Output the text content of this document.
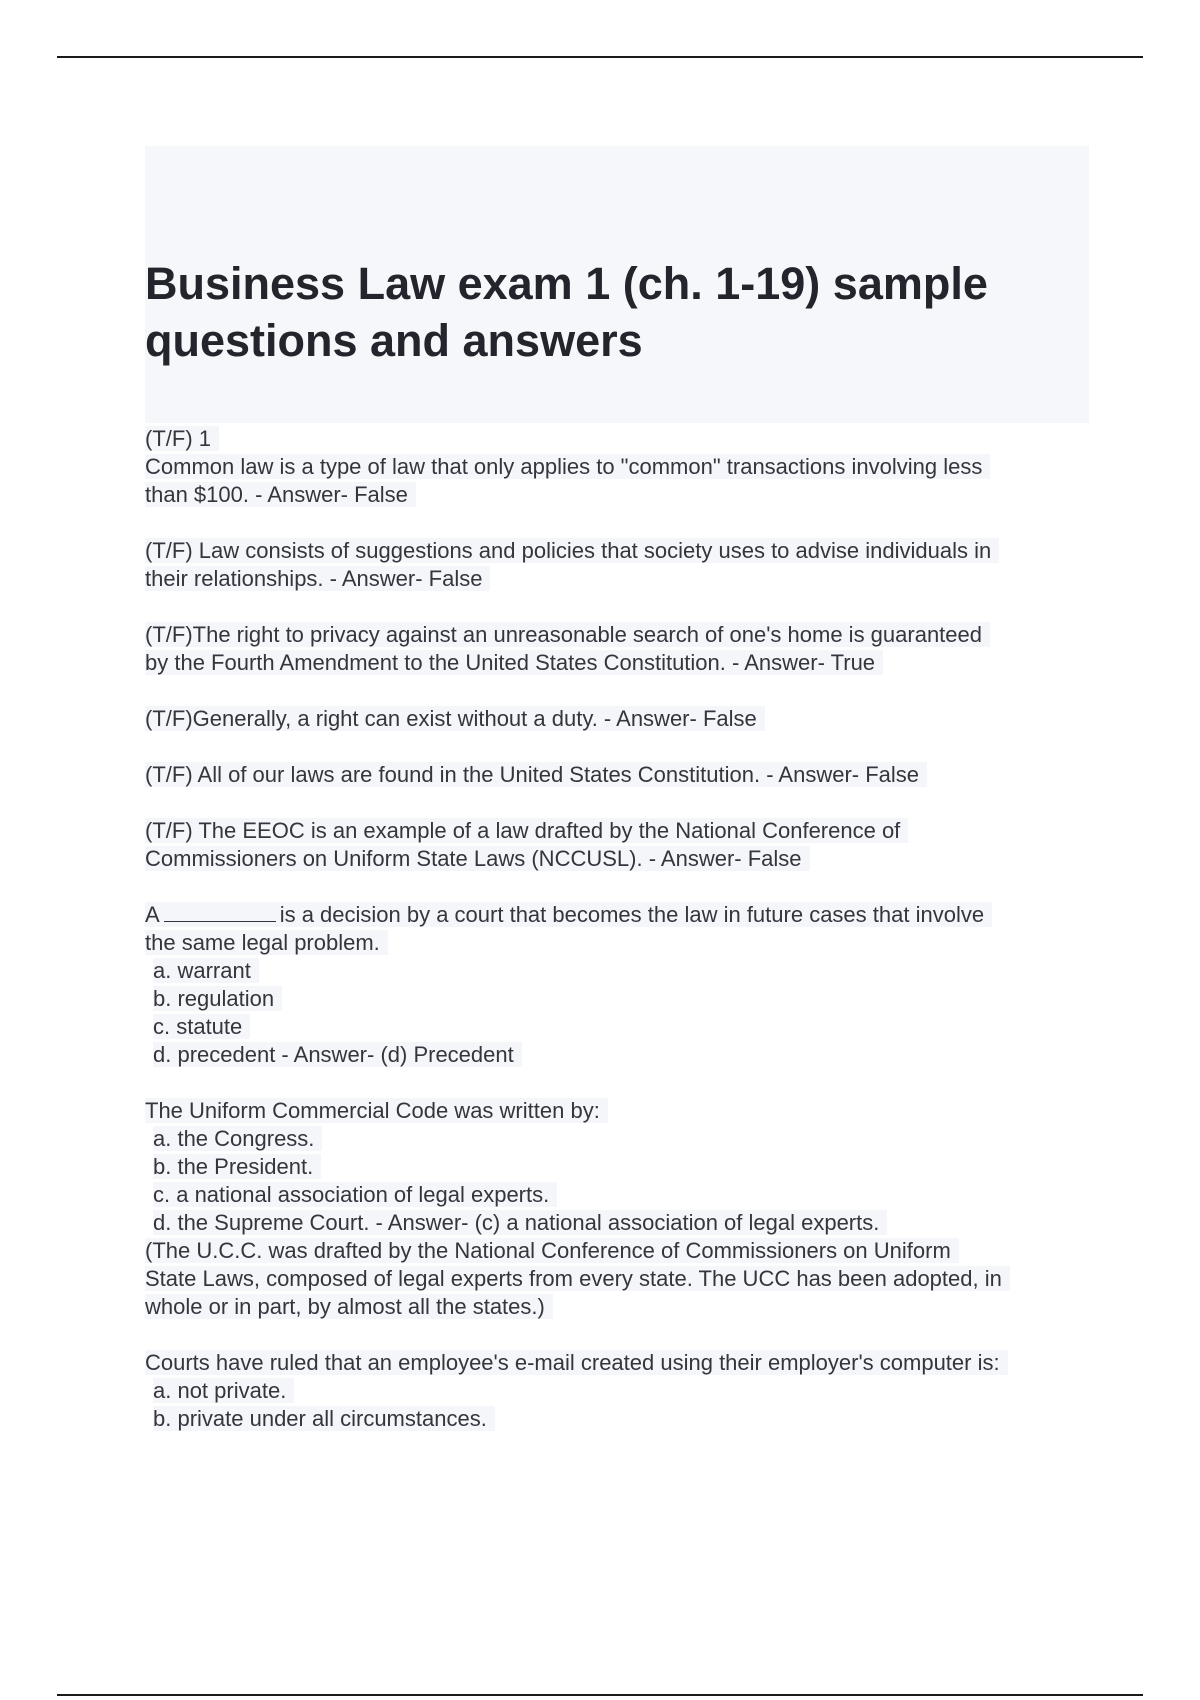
Business Law exam 1 (ch. 1-19) sample questions and answers
(T/F) 1
Common law is a type of law that only applies to "common" transactions involving less
than $100. - Answer- False
(T/F) Law consists of suggestions and policies that society uses to advise individuals in
their relationships. - Answer- False
(T/F)The right to privacy against an unreasonable search of one's home is guaranteed
by the Fourth Amendment to the United States Constitution. - Answer- True
(T/F)Generally, a right can exist without a duty. - Answer- False
(T/F) All of our laws are found in the United States Constitution. - Answer- False
(T/F) The EEOC is an example of a law drafted by the National Conference of
Commissioners on Uniform State Laws (NCCUSL). - Answer- False
A	is a decision by a court that becomes the law in future cases that involve
the same legal problem.
a. warrant
b. regulation
c. statute
d. precedent - Answer- (d) Precedent
The Uniform Commercial Code was written by:
a. the Congress.
b. the President.
c. a national association of legal experts.
d. the Supreme Court. - Answer- (c) a national association of legal experts.
(The U.C.C. was drafted by the National Conference of Commissioners on Uniform
State Laws, composed of legal experts from every state. The UCC has been adopted, in
whole or in part, by almost all the states.)
Courts have ruled that an employee's e-mail created using their employer's computer is:
a. not private.
b. private under all circumstances.
